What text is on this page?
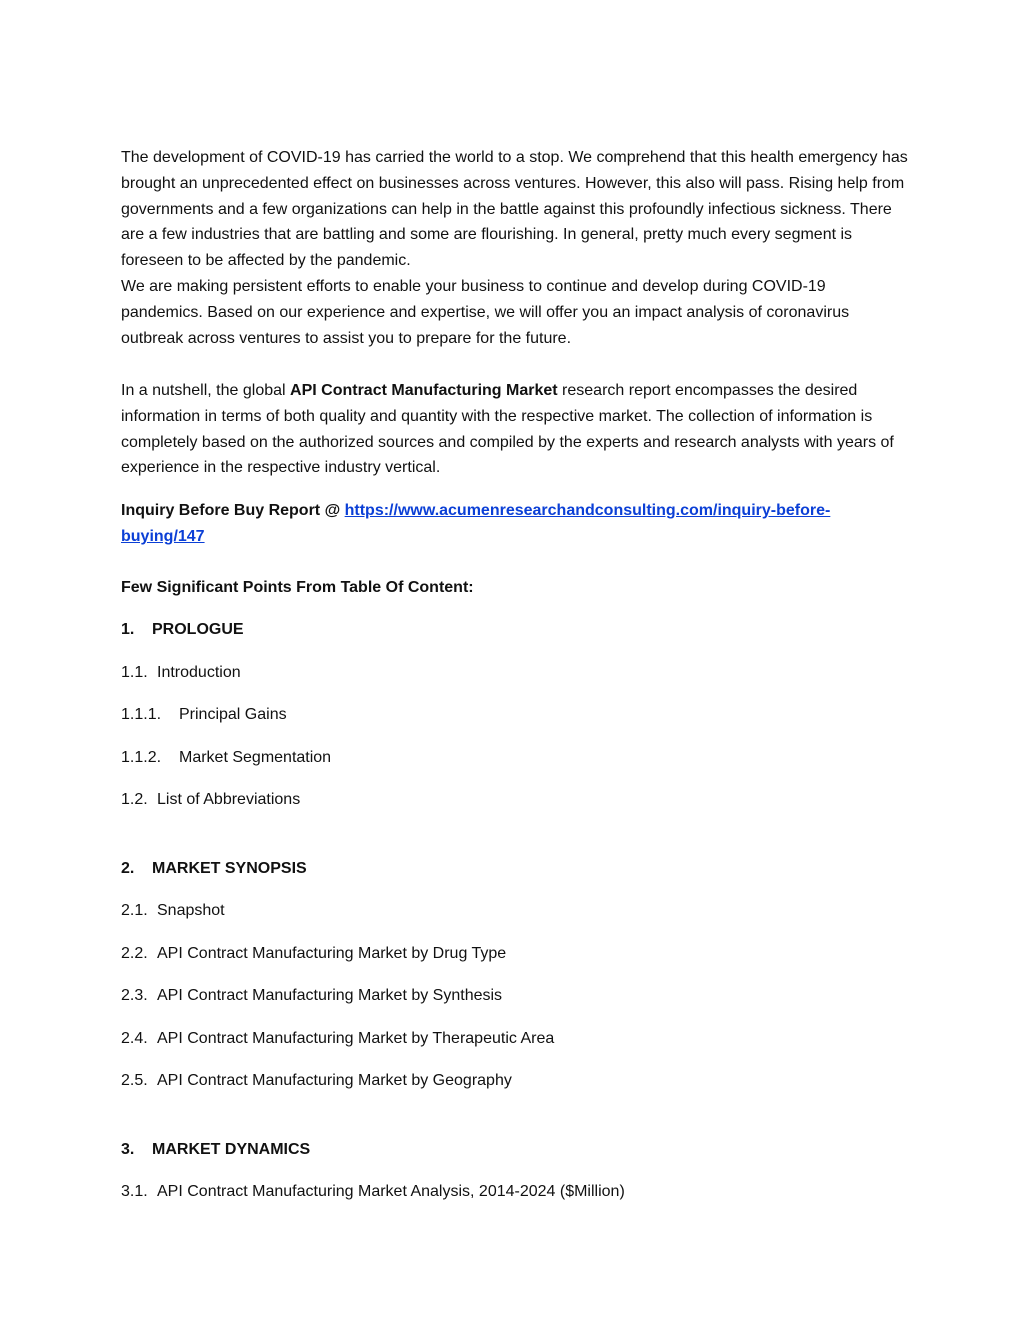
The development of COVID-19 has carried the world to a stop. We comprehend that this health emergency has brought an unprecedented effect on businesses across ventures. However, this also will pass. Rising help from governments and a few organizations can help in the battle against this profoundly infectious sickness. There are a few industries that are battling and some are flourishing. In general, pretty much every segment is foreseen to be affected by the pandemic.
We are making persistent efforts to enable your business to continue and develop during COVID-19 pandemics. Based on our experience and expertise, we will offer you an impact analysis of coronavirus outbreak across ventures to assist you to prepare for the future.

In a nutshell, the global API Contract Manufacturing Market research report encompasses the desired information in terms of both quality and quantity with the respective market. The collection of information is completely based on the authorized sources and compiled by the experts and research analysts with years of experience in the respective industry vertical.

Inquiry Before Buy Report @ https://www.acumenresearchandconsulting.com/inquiry-before-buying/147

Few Significant Points From Table Of Content:

1. PROLOGUE

1.1. Introduction

1.1.1. Principal Gains

1.1.2. Market Segmentation

1.2. List of Abbreviations

2. MARKET SYNOPSIS

2.1. Snapshot

2.2. API Contract Manufacturing Market by Drug Type

2.3. API Contract Manufacturing Market by Synthesis

2.4. API Contract Manufacturing Market by Therapeutic Area

2.5. API Contract Manufacturing Market by Geography

3. MARKET DYNAMICS

3.1. API Contract Manufacturing Market Analysis, 2014-2024 ($Million)
